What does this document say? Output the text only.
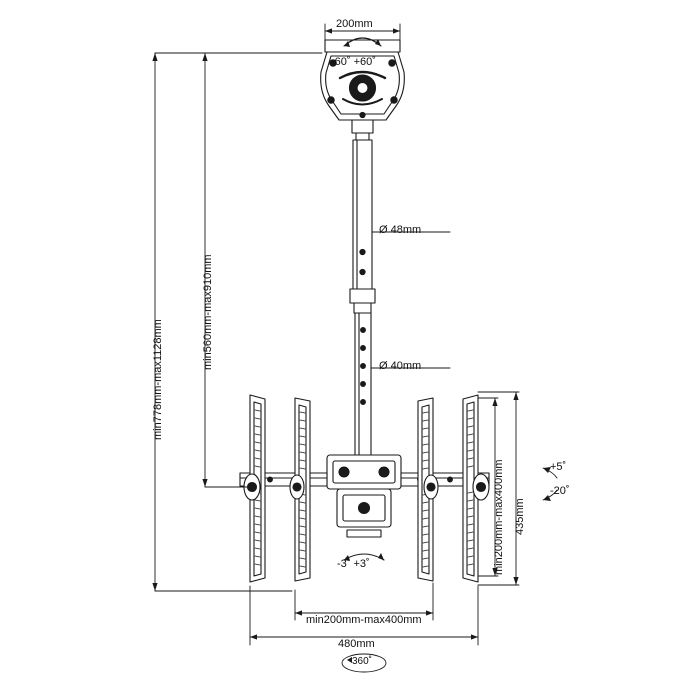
200mm
-60˚ +60˚
Ø 48mm
Ø 40mm
min778mm-max1128mm
min560mm-max910mm
min200mm-max400mm 435mm
+5˚
-20˚
min200mm-max400mm
480mm
360˚
-3˚ +3˚
